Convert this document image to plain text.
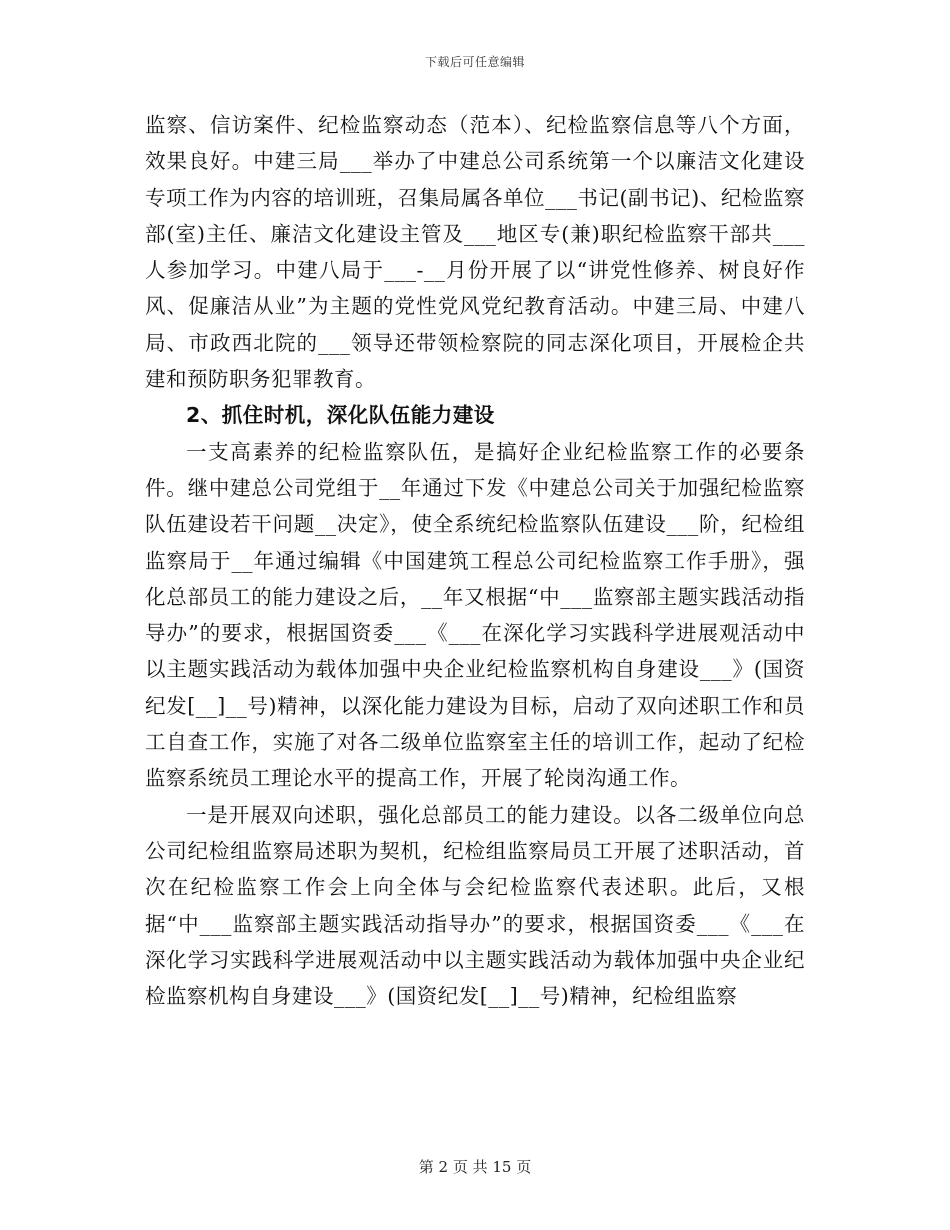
下载后可任意编辑

监察、信访案件、纪检监察动态（范本）、纪检监察信息等八个方面，效果良好。中建三局___举办了中建总公司系统第一个以廉洁文化建设专项工作为内容的培训班，召集局属各单位___书记(副书记)、纪检监察部(室)主任、廉洁文化建设主管及___地区专(兼)职纪检监察干部共___人参加学习。中建八局于___-__月份开展了以“讲党性修养、树良好作风、促廉洁从业”为主题的党性党风党纪教育活动。中建三局、中建八局、市政西北院的___领导还带领检察院的同志深化项目，开展检企共建和预防职务犯罪教育。

2、抓住时机，深化队伍能力建设

一支高素养的纪检监察队伍，是搞好企业纪检监察工作的必要条件。继中建总公司党组于__年通过下发《中建总公司关于加强纪检监察队伍建设若干问题__决定》，使全系统纪检监察队伍建设___阶，纪检组监察局于__年通过编辑《中国建筑工程总公司纪检监察工作手册》，强化总部员工的能力建设之后，__年又根据“中___监察部主题实践活动指导办”的要求，根据国资委___《___在深化学习实践科学进展观活动中以主题实践活动为载体加强中央企业纪检监察机构自身建设___》(国资纪发[__]__号)精神，以深化能力建设为目标，启动了双向述职工作和员工自查工作，实施了对各二级单位监察室主任的培训工作，起动了纪检监察系统员工理论水平的提高工作，开展了轮岗沟通工作。

一是开展双向述职，强化总部员工的能力建设。以各二级单位向总公司纪检组监察局述职为契机，纪检组监察局员工开展了述职活动，首次在纪检监察工作会上向全体与会纪检监察代表述职。此后，又根据“中___监察部主题实践活动指导办”的要求，根据国资委___《___在深化学习实践科学进展观活动中以主题实践活动为载体加强中央企业纪检监察机构自身建设___》(国资纪发[__]__号)精神，纪检组监察

第 2 页 共 15 页
